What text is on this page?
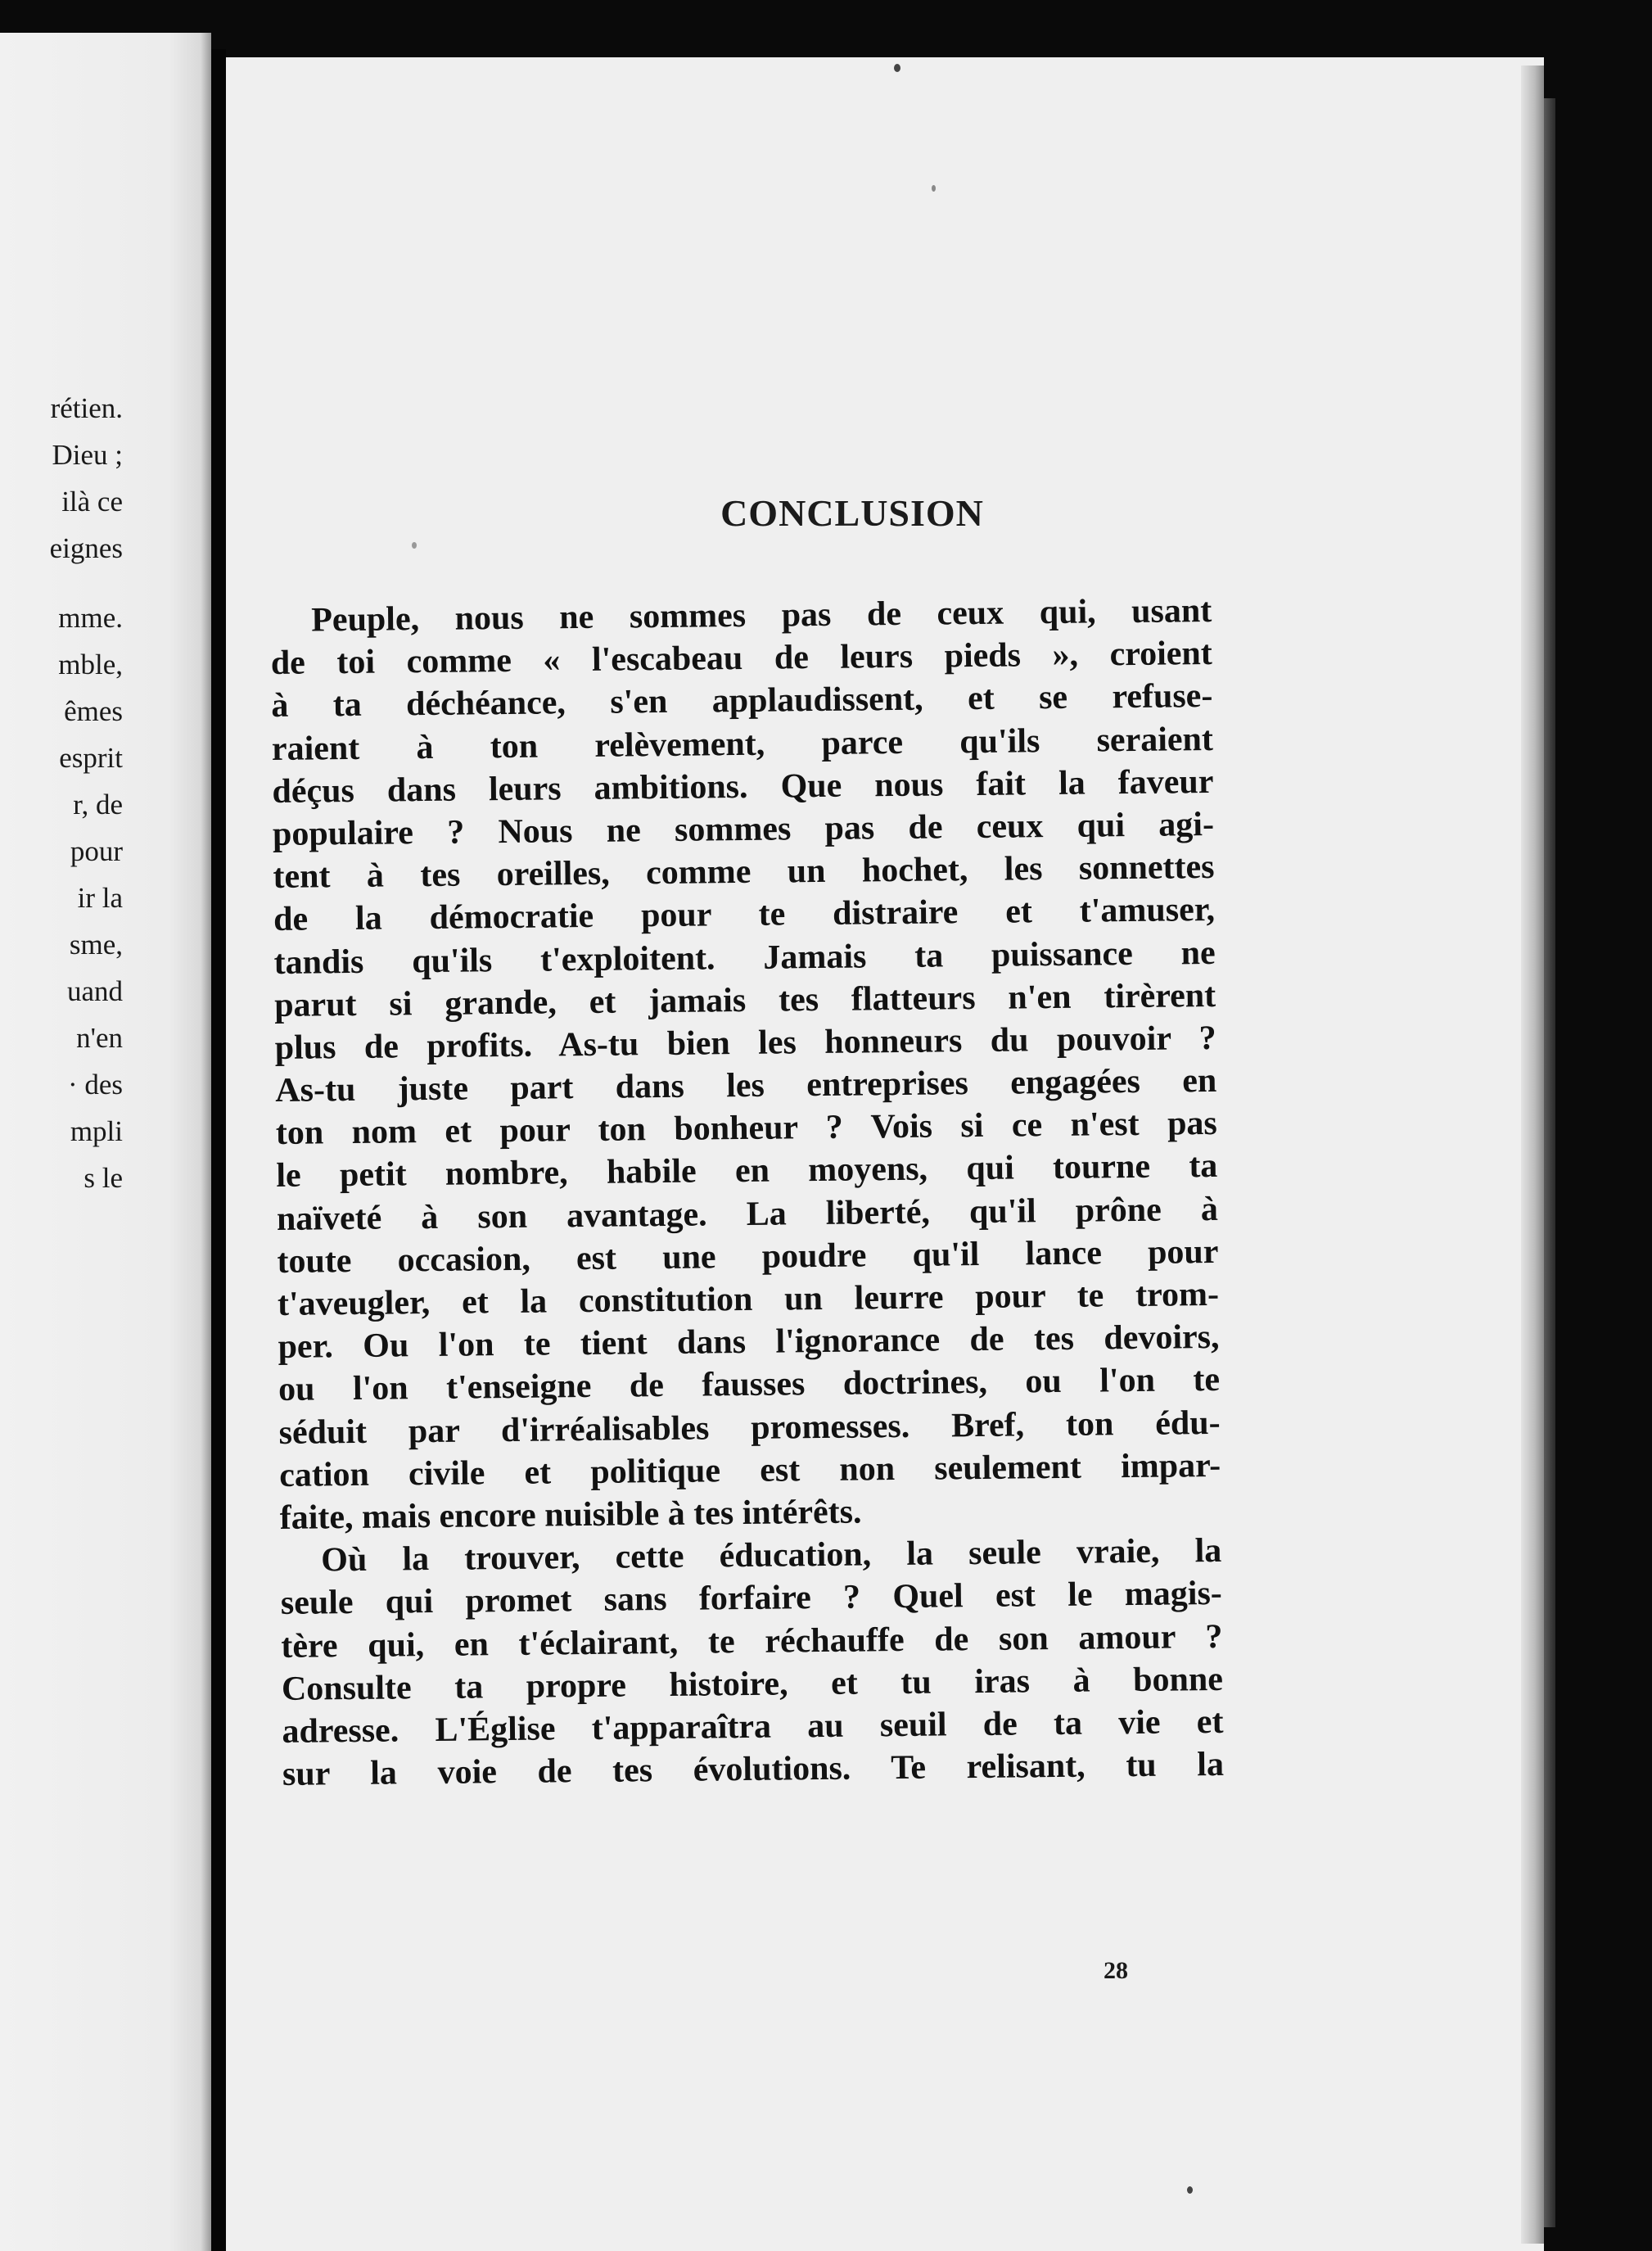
rétien.
Dieu ;
ilà ce
eignes
mme.
mble,
êmes
esprit
r, de
pour
ir la
sme,
uand
n'en
· des
mpli
s le
CONCLUSION

Peuple, nous ne sommes pas de ceux qui, usant
de toi comme « l'escabeau de leurs pieds », croient
à ta déchéance, s'en applaudissent, et se refuse-
raient à ton relèvement, parce qu'ils seraient
déçus dans leurs ambitions. Que nous fait la faveur
populaire ? Nous ne sommes pas de ceux qui agi-
tent à tes oreilles, comme un hochet, les sonnettes
de la démocratie pour te distraire et t'amuser,
tandis qu'ils t'exploitent. Jamais ta puissance ne
parut si grande, et jamais tes flatteurs n'en tirèrent
plus de profits. As-tu bien les honneurs du pouvoir ?
As-tu juste part dans les entreprises engagées en
ton nom et pour ton bonheur ? Vois si ce n'est pas
le petit nombre, habile en moyens, qui tourne ta
naïveté à son avantage. La liberté, qu'il prône à
toute occasion, est une poudre qu'il lance pour
t'aveugler, et la constitution un leurre pour te trom-
per. Ou l'on te tient dans l'ignorance de tes devoirs,
ou l'on t'enseigne de fausses doctrines, ou l'on te
séduit par d'irréalisables promesses. Bref, ton édu-
cation civile et politique est non seulement impar-
faite, mais encore nuisible à tes intérêts.

Où la trouver, cette éducation, la seule vraie, la
seule qui promet sans forfaire ? Quel est le magis-
tère qui, en t'éclairant, te réchauffe de son amour ?
Consulte ta propre histoire, et tu iras à bonne
adresse. L'Église t'apparaîtra au seuil de ta vie et
sur la voie de tes évolutions. Te relisant, tu la

28
